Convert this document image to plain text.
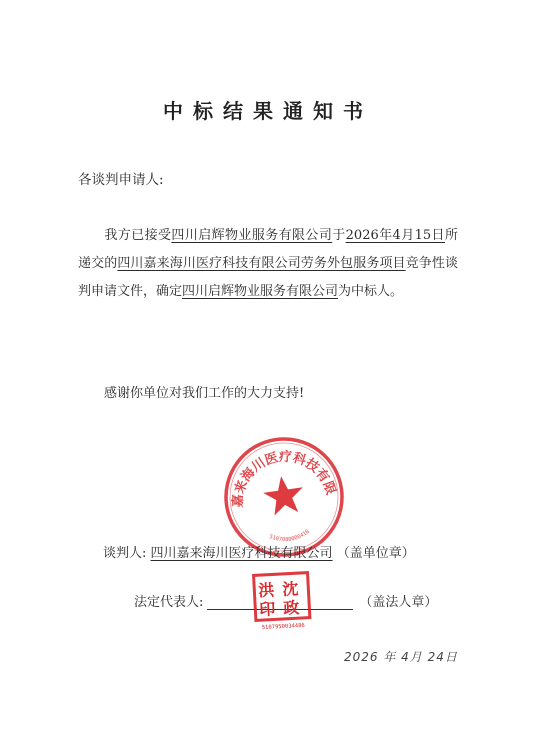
中标结果通知书
各谈判申请人:
我方已接受四川启辉物业服务有限公司于2026年4月15日所递交的四川嘉来海川医疗科技有限公司劳务外包服务项目竞争性谈判申请文件，确定四川启辉物业服务有限公司为中标人。
感谢你单位对我们工作的大力支持!
四川嘉来海川医疗科技有限公司
5107080000418
谈判人: 四川嘉来海川医疗科技有限公司 （盖单位章）
法定代表人:	（盖法人章）
洪 沈
印 政
5107950034486
2026 年 4月 24日
